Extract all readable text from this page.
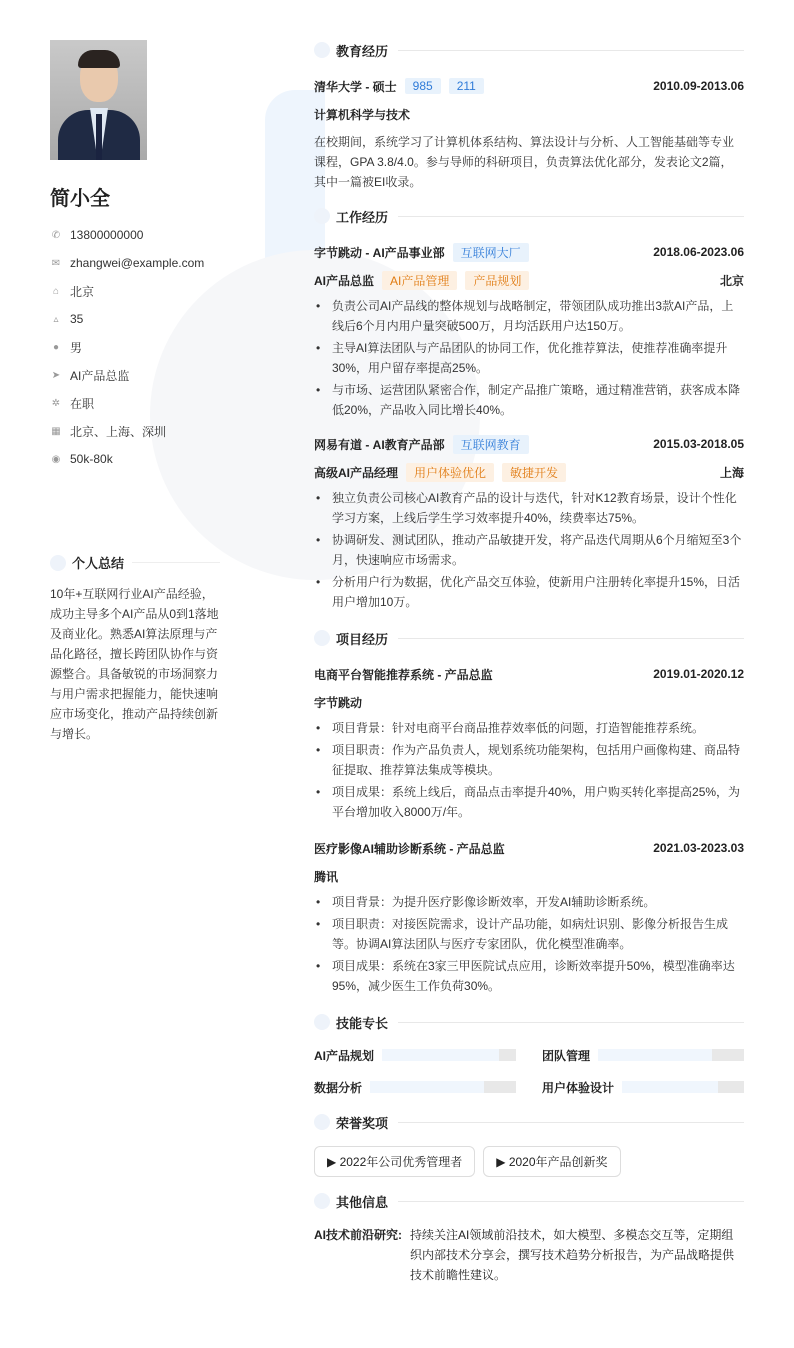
简小全
✆ 13800000000
✉ zhangwei@example.com
⌂ 北京
▵ 35
● 男
➤ AI产品总监
✲ 在职
▦ 北京、上海、深圳
◉ 50k-80k
个人总结
10年+互联网行业AI产品经验，成功主导多个AI产品从0到1落地及商业化。熟悉AI算法原理与产品化路径，擅长跨团队协作与资源整合。具备敏锐的市场洞察力与用户需求把握能力，能快速响应市场变化，推动产品持续创新与增长。
教育经历
清华大学 - 硕士	985	211	2010.09-2013.06
计算机科学与技术
在校期间，系统学习了计算机体系结构、算法设计与分析、人工智能基础等专业课程，GPA 3.8/4.0。参与导师的科研项目，负责算法优化部分，发表论文2篇，其中一篇被EI收录。
工作经历
字节跳动 - AI产品事业部	互联网大厂	2018.06-2023.06
AI产品总监	AI产品管理	产品规划	北京
• 负责公司AI产品线的整体规划与战略制定，带领团队成功推出3款AI产品，上线后6个月内用户量突破500万，月均活跃用户达150万。
• 主导AI算法团队与产品团队的协同工作，优化推荐算法，使推荐准确率提升30%，用户留存率提高25%。
• 与市场、运营团队紧密合作，制定产品推广策略，通过精准营销，获客成本降低20%，产品收入同比增长40%。
网易有道 - AI教育产品部	互联网教育	2015.03-2018.05
高级AI产品经理	用户体验优化	敏捷开发	上海
• 独立负责公司核心AI教育产品的设计与迭代，针对K12教育场景，设计个性化学习方案，上线后学生学习效率提升40%，续费率达75%。
• 协调研发、测试团队，推动产品敏捷开发，将产品迭代周期从6个月缩短至3个月，快速响应市场需求。
• 分析用户行为数据，优化产品交互体验，使新用户注册转化率提升15%，日活用户增加10万。
项目经历
电商平台智能推荐系统 - 产品总监	2019.01-2020.12
字节跳动
• 项目背景：针对电商平台商品推荐效率低的问题，打造智能推荐系统。
• 项目职责：作为产品负责人，规划系统功能架构，包括用户画像构建、商品特征提取、推荐算法集成等模块。
• 项目成果：系统上线后，商品点击率提升40%，用户购买转化率提高25%，为平台增加收入8000万/年。
医疗影像AI辅助诊断系统 - 产品总监	2021.03-2023.03
腾讯
• 项目背景：为提升医疗影像诊断效率，开发AI辅助诊断系统。
• 项目职责：对接医院需求，设计产品功能，如病灶识别、影像分析报告生成等。协调AI算法团队与医疗专家团队，优化模型准确率。
• 项目成果：系统在3家三甲医院试点应用，诊断效率提升50%，模型准确率达95%，减少医生工作负荷30%。
技能专长
AI产品规划	团队管理
数据分析	用户体验设计
荣誉奖项
▶ 2022年公司优秀管理者	▶ 2020年产品创新奖
其他信息
AI技术前沿研究: 持续关注AI领域前沿技术，如大模型、多模态交互等，定期组织内部技术分享会，撰写技术趋势分析报告，为产品战略提供技术前瞻性建议。
